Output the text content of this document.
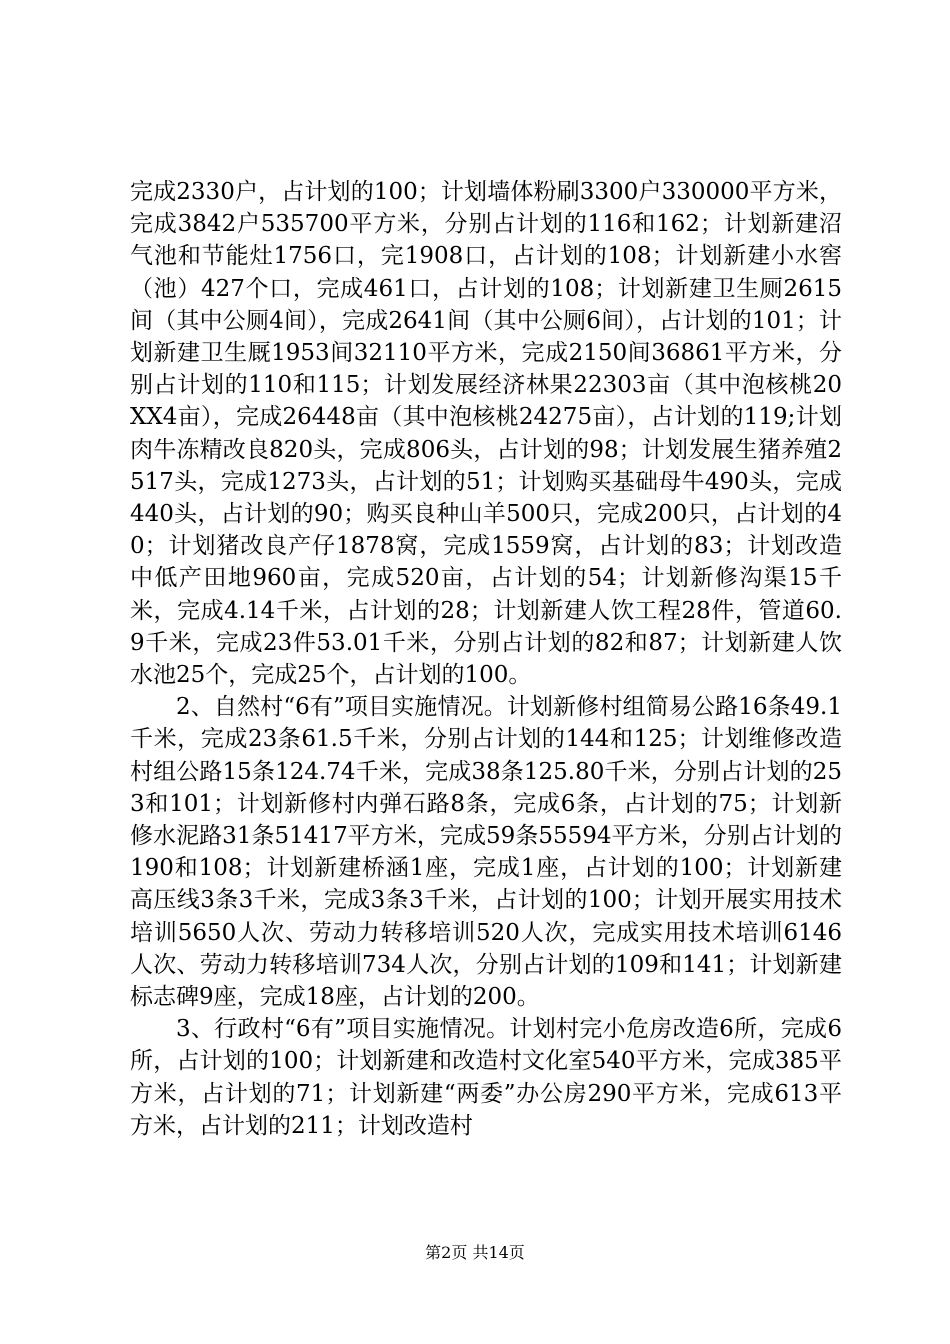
完成2330户，占计划的100；计划墙体粉刷3300户330000平方米，完成3842户535700平方米，分别占计划的116和162；计划新建沼气池和节能灶1756口，完1908口，占计划的108；计划新建小水窖（池）427个口，完成461口，占计划的108；计划新建卫生厕2615间（其中公厕4间），完成2641间（其中公厕6间），占计划的101；计划新建卫生厩1953间32110平方米，完成2150间36861平方米，分别占计划的110和115；计划发展经济林果22303亩（其中泡核桃20XX4亩），完成26448亩（其中泡核桃24275亩），占计划的119;计划肉牛冻精改良820头，完成806头，占计划的98；计划发展生猪养殖2517头，完成1273头，占计划的51；计划购买基础母牛490头，完成440头，占计划的90；购买良种山羊500只，完成200只，占计划的40；计划猪改良产仔1878窝，完成1559窝，占计划的83；计划改造中低产田地960亩，完成520亩，占计划的54；计划新修沟渠15千米，完成4.14千米，占计划的28；计划新建人饮工程28件，管道60.9千米，完成23件53.01千米，分别占计划的82和87；计划新建人饮水池25个，完成25个，占计划的100。

2、自然村“6有”项目实施情况。计划新修村组简易公路16条49.1千米，完成23条61.5千米，分别占计划的144和125；计划维修改造村组公路15条124.74千米，完成38条125.80千米，分别占计划的253和101；计划新修村内弹石路8条，完成6条，占计划的75；计划新修水泥路31条51417平方米，完成59条55594平方米，分别占计划的190和108；计划新建桥涵1座，完成1座，占计划的100；计划新建高压线3条3千米，完成3条3千米，占计划的100；计划开展实用技术培训5650人次、劳动力转移培训520人次，完成实用技术培训6146人次、劳动力转移培训734人次，分别占计划的109和141；计划新建标志碑9座，完成18座，占计划的200。

3、行政村“6有”项目实施情况。计划村完小危房改造6所，完成6所，占计划的100；计划新建和改造村文化室540平方米，完成385平方米，占计划的71；计划新建“两委”办公房290平方米，完成613平方米，占计划的211；计划改造村

第2页 共14页
